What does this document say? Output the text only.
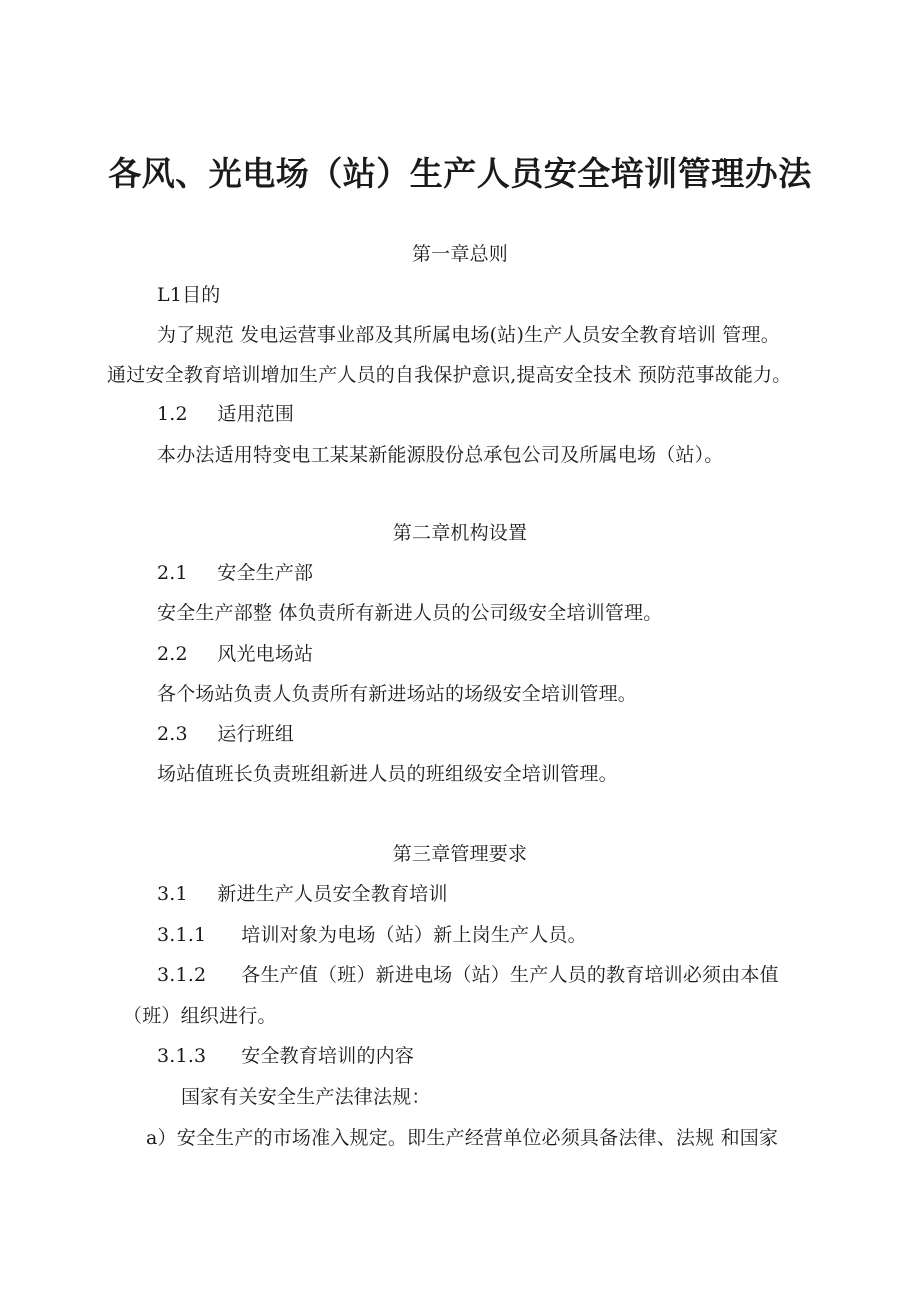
各风、光电场（站）生产人员安全培训管理办法
第一章总则
L1目的
为了规范 发电运营事业部及其所属电场(站)生产人员安全教育培训 管理。
通过安全教育培训增加生产人员的自我保护意识,提高安全技术 预防范事故能力。
1.2 适用范围
本办法适用特变电工某某新能源股份总承包公司及所属电场（站）。
第二章机构设置
2.1 安全生产部
安全生产部整 体负责所有新进人员的公司级安全培训管理。
2.2 风光电场站
各个场站负责人负责所有新进场站的场级安全培训管理。
2.3 运行班组
场站值班长负责班组新进人员的班组级安全培训管理。
第三章管理要求
3.1 新进生产人员安全教育培训
3.1.1 培训对象为电场（站）新上岗生产人员。
3.1.2 各生产值（班）新进电场（站）生产人员的教育培训必须由本值
（班）组织进行。
3.1.3 安全教育培训的内容
国家有关安全生产法律法规：
a）安全生产的市场准入规定。即生产经营单位必须具备法律、法规 和国家
